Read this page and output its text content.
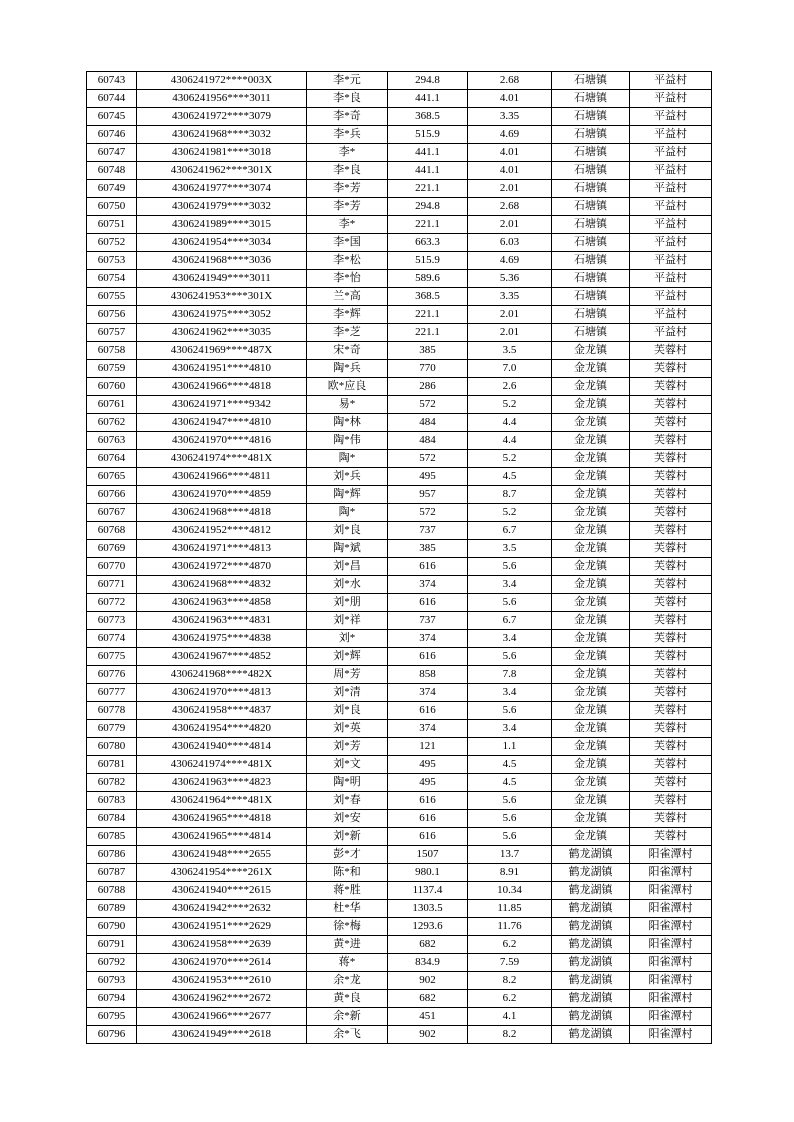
60743	4306241972****003X	李*元	294.8	2.68	石塘镇	平益村
60744	4306241956****3011	李*良	441.1	4.01	石塘镇	平益村
60745	4306241972****3079	李*奇	368.5	3.35	石塘镇	平益村
60746	4306241968****3032	李*兵	515.9	4.69	石塘镇	平益村
60747	4306241981****3018	李*	441.1	4.01	石塘镇	平益村
60748	4306241962****301X	李*良	441.1	4.01	石塘镇	平益村
60749	4306241977****3074	李*芳	221.1	2.01	石塘镇	平益村
60750	4306241979****3032	李*芳	294.8	2.68	石塘镇	平益村
60751	4306241989****3015	李*	221.1	2.01	石塘镇	平益村
60752	4306241954****3034	李*国	663.3	6.03	石塘镇	平益村
60753	4306241968****3036	李*松	515.9	4.69	石塘镇	平益村
60754	4306241949****3011	李*怡	589.6	5.36	石塘镇	平益村
60755	4306241953****301X	兰*高	368.5	3.35	石塘镇	平益村
60756	4306241975****3052	李*辉	221.1	2.01	石塘镇	平益村
60757	4306241962****3035	李*芝	221.1	2.01	石塘镇	平益村
60758	4306241969****487X	宋*奇	385	3.5	金龙镇	芙蓉村
60759	4306241951****4810	陶*兵	770	7.0	金龙镇	芙蓉村
60760	4306241966****4818	欧*应良	286	2.6	金龙镇	芙蓉村
60761	4306241971****9342	易*	572	5.2	金龙镇	芙蓉村
60762	4306241947****4810	陶*林	484	4.4	金龙镇	芙蓉村
60763	4306241970****4816	陶*伟	484	4.4	金龙镇	芙蓉村
60764	4306241974****481X	陶*	572	5.2	金龙镇	芙蓉村
60765	4306241966****4811	刘*兵	495	4.5	金龙镇	芙蓉村
60766	4306241970****4859	陶*辉	957	8.7	金龙镇	芙蓉村
60767	4306241968****4818	陶*	572	5.2	金龙镇	芙蓉村
60768	4306241952****4812	刘*良	737	6.7	金龙镇	芙蓉村
60769	4306241971****4813	陶*斌	385	3.5	金龙镇	芙蓉村
60770	4306241972****4870	刘*昌	616	5.6	金龙镇	芙蓉村
60771	4306241968****4832	刘*水	374	3.4	金龙镇	芙蓉村
60772	4306241963****4858	刘*朋	616	5.6	金龙镇	芙蓉村
60773	4306241963****4831	刘*祥	737	6.7	金龙镇	芙蓉村
60774	4306241975****4838	刘*	374	3.4	金龙镇	芙蓉村
60775	4306241967****4852	刘*辉	616	5.6	金龙镇	芙蓉村
60776	4306241968****482X	周*芳	858	7.8	金龙镇	芙蓉村
60777	4306241970****4813	刘*清	374	3.4	金龙镇	芙蓉村
60778	4306241958****4837	刘*良	616	5.6	金龙镇	芙蓉村
60779	4306241954****4820	刘*英	374	3.4	金龙镇	芙蓉村
60780	4306241940****4814	刘*芳	121	1.1	金龙镇	芙蓉村
60781	4306241974****481X	刘*文	495	4.5	金龙镇	芙蓉村
60782	4306241963****4823	陶*明	495	4.5	金龙镇	芙蓉村
60783	4306241964****481X	刘*春	616	5.6	金龙镇	芙蓉村
60784	4306241965****4818	刘*安	616	5.6	金龙镇	芙蓉村
60785	4306241965****4814	刘*新	616	5.6	金龙镇	芙蓉村
60786	4306241948****2655	彭*才	1507	13.7	鹤龙湖镇	阳雀潭村
60787	4306241954****261X	陈*和	980.1	8.91	鹤龙湖镇	阳雀潭村
60788	4306241940****2615	蒋*胜	1137.4	10.34	鹤龙湖镇	阳雀潭村
60789	4306241942****2632	杜*华	1303.5	11.85	鹤龙湖镇	阳雀潭村
60790	4306241951****2629	徐*梅	1293.6	11.76	鹤龙湖镇	阳雀潭村
60791	4306241958****2639	黄*进	682	6.2	鹤龙湖镇	阳雀潭村
60792	4306241970****2614	蒋*	834.9	7.59	鹤龙湖镇	阳雀潭村
60793	4306241953****2610	余*龙	902	8.2	鹤龙湖镇	阳雀潭村
60794	4306241962****2672	黄*良	682	6.2	鹤龙湖镇	阳雀潭村
60795	4306241966****2677	余*新	451	4.1	鹤龙湖镇	阳雀潭村
60796	4306241949****2618	余*飞	902	8.2	鹤龙湖镇	阳雀潭村
